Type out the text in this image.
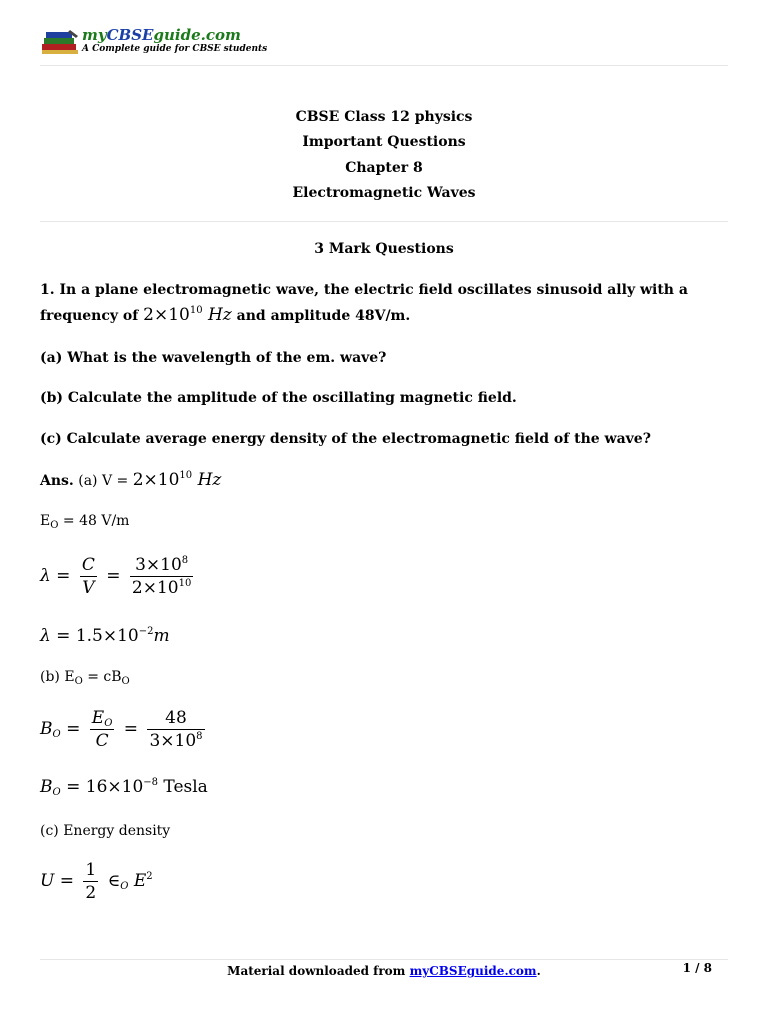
myCBSEguide.com
A Complete guide for CBSE students
CBSE Class 12 physics
Important Questions
Chapter 8
Electromagnetic Waves
3 Mark Questions
1. In a plane electromagnetic wave, the electric field oscillates sinusoid ally with a
frequency of $2\times 10^{10}$ Hz and amplitude 48V/m.
(a) What is the wavelength of the em. wave?
(b) Calculate the amplitude of the oscillating magnetic field.
(c) Calculate average energy density of the electromagnetic field of the wave?
Ans. (a) $V = 2\times 10^{10}$ Hz
$E_O = 48$ V/m
$\lambda = \frac{C}{V} = \frac{3\times 10^8}{2\times 10^{10}}$
$\lambda = 1.5\times 10^{-2}m$
(b) $E_O = cB_O$
$B_O = \frac{E_O}{C} = \frac{48}{3\times 10^8}$
$B_O = 16\times 10^{-8}$ Tesla
(c) Energy density
$U = \frac{1}{2}$ $\in_O$ $E^2$
Material downloaded from myCBSEguide.com.	1 / 8
